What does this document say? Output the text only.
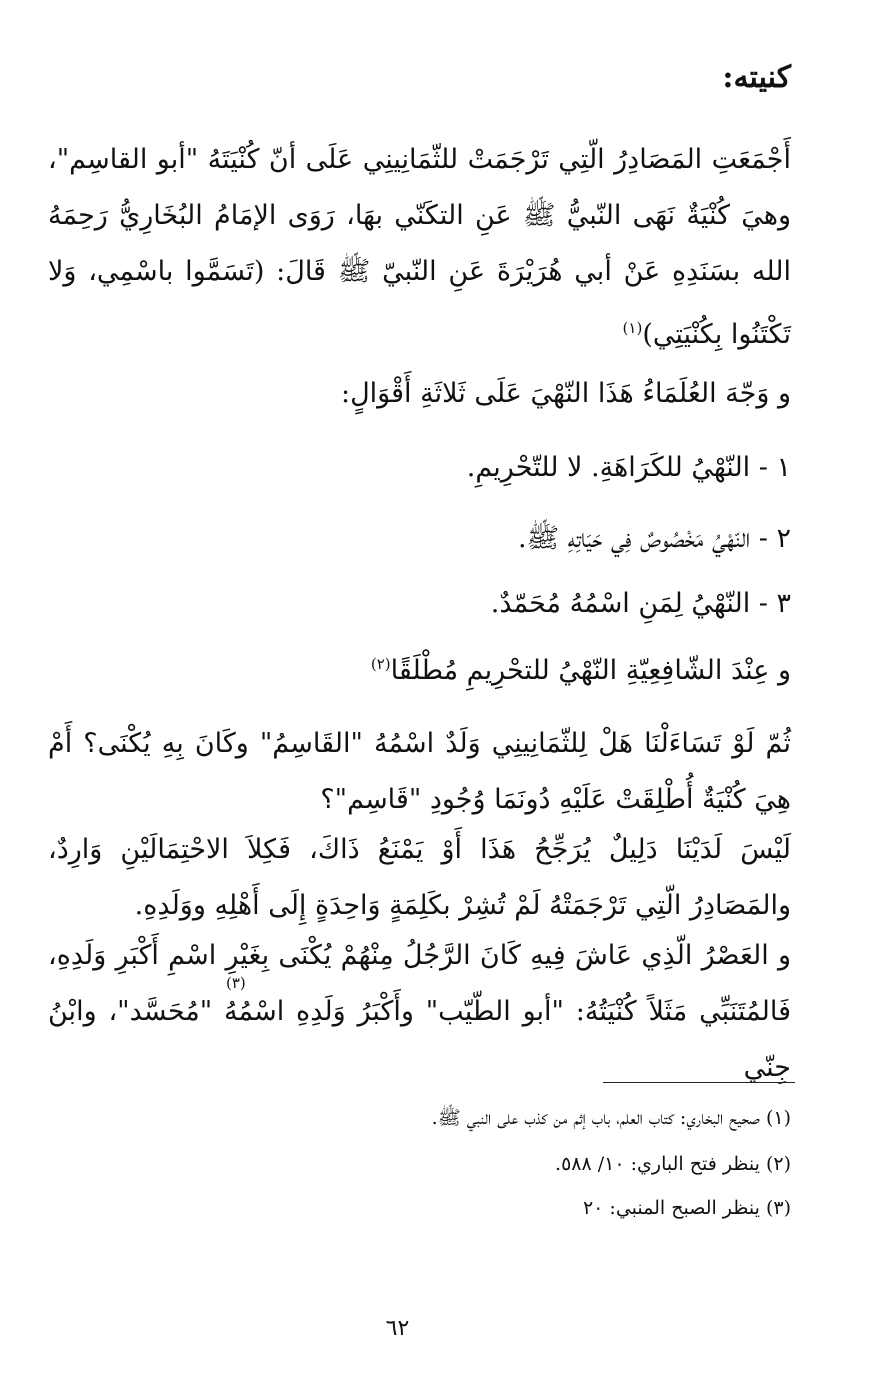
كنيته:
أَجْمَعَتِ المَصَادِرُ الّتِي تَرْجَمَتْ للثّمَانِينِي عَلَى أنّ كُنْيَتَهُ "أبو القاسِم"، وهيَ كُنْيَةٌ نَهَى النّبيُّ ﷺ عَنِ التكَنّي بهَا، رَوَى الإمَامُ البُخَارِيُّ رَحِمَهُ الله بسَنَدِهِ عَنْ أبي هُرَيْرَةَ عَنِ النّبيّ ﷺ قَالَ: (تَسَمَّوا باسْمِي، وَلا تَكْتَنُوا بِكُنْيَتِي)$^{(١)}$
و وَجّهَ العُلَمَاءُ هَذَا النّهْيَ عَلَى ثَلاثَةِ أَقْوَالٍ:
١ - النّهْيُ للكَرَاهَةِ. لا للتّحْرِيمِ.
٢ - النّهْيُ مَخْصُوصٌ فِي حَيَاتِهِ ﷺ.
٣ - النّهْيُ لِمَنِ اسْمُهُ مُحَمّدٌ.
و عِنْدَ الشّافِعِيّةِ النّهْيُ للتحْرِيمِ مُطْلَقًا$^{(٢)}$
ثُمّ لَوْ تَسَاءَلْنَا هَلْ لِلثّمَانِينِي وَلَدٌ اسْمُهُ "القَاسِمُ" وكَانَ بِهِ يُكْنَى؟ أَمْ هِيَ كُنْيَةٌ أُطْلِقَتْ عَلَيْهِ دُونَمَا وُجُودِ "قَاسِم"؟
لَيْسَ لَدَيْنَا دَلِيلٌ يُرَجِّحُ هَذَا أَوْ يَمْنَعُ ذَاكَ، فَكِلاَ الاحْتِمَالَيْنِ وَارِدٌ، والمَصَادِرُ الّتِي تَرْجَمَتْهُ لَمْ تُشِرْ بكَلِمَةٍ وَاحِدَةٍ إِلَى أَهْلِهِ ووَلَدِهِ.
و العَصْرُ الّذِي عَاشَ فِيهِ كَانَ الرَّجُلُ مِنْهُمْ يُكْنَى بِغَيْرِ اسْمِ أَكْبَرِ وَلَدِهِ، فَالمُتَنَبِّي مَثَلاً كُنْيَتُهُ: "أبو الطّيّب" وأَكْبَرُ وَلَدِهِ اسْمُهُ "مُحَسَّد"، وابْنُ جِنّي
(٣)
(١) صحيح البخاري: كتاب العلم، باب إثم من كذب على النبي ﷺ.
(٢) ينظر فتح الباري: ١٠/ ٥٨٨.
(٣) ينظر الصبح المنبي: ٢٠
٦٢
